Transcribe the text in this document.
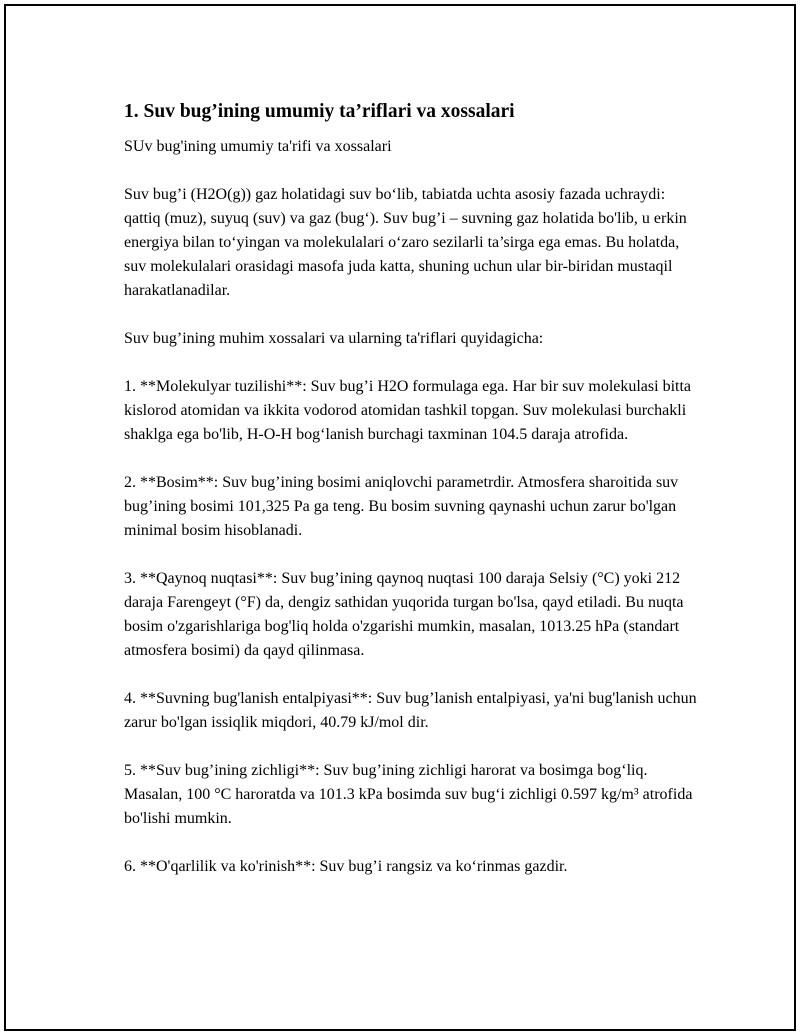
1. Suv bug’ining umumiy ta’riflari va xossalari

SUv bug'ining umumiy ta'rifi va xossalari

Suv bug’i (H2O(g)) gaz holatidagi suv bo‘lib, tabiatda uchta asosiy fazada uchraydi: qattiq (muz), suyuq (suv) va gaz (bug‘). Suv bug’i – suvning gaz holatida bo'lib, u erkin energiya bilan to‘yingan va molekulalari o‘zaro sezilarli ta’sirga ega emas. Bu holatda, suv molekulalari orasidagi masofa juda katta, shuning uchun ular bir-biridan mustaqil harakatlanadilar.

Suv bug’ining muhim xossalari va ularning ta'riflari quyidagicha:

1. **Molekulyar tuzilishi**: Suv bug’i H2O formulaga ega. Har bir suv molekulasi bitta kislorod atomidan va ikkita vodorod atomidan tashkil topgan. Suv molekulasi burchakli shaklga ega bo'lib, H-O-H bog‘lanish burchagi taxminan 104.5 daraja atrofida.

2. **Bosim**: Suv bug’ining bosimi aniqlovchi parametrdir. Atmosfera sharoitida suv bug’ining bosimi 101,325 Pa ga teng. Bu bosim suvning qaynashi uchun zarur bo'lgan minimal bosim hisoblanadi.

3. **Qaynoq nuqtasi**: Suv bug’ining qaynoq nuqtasi 100 daraja Selsiy (°C) yoki 212 daraja Farengeyt (°F) da, dengiz sathidan yuqorida turgan bo'lsa, qayd etiladi. Bu nuqta bosim o'zgarishlariga bog'liq holda o'zgarishi mumkin, masalan, 1013.25 hPa (standart atmosfera bosimi) da qayd qilinmasa.

4. **Suvning bug'lanish entalpiyasi**: Suv bug’lanish entalpiyasi, ya'ni bug'lanish uchun zarur bo'lgan issiqlik miqdori, 40.79 kJ/mol dir.

5. **Suv bug’ining zichligi**: Suv bug’ining zichligi harorat va bosimga bog‘liq. Masalan, 100 °C haroratda va 101.3 kPa bosimda suv bug‘i zichligi 0.597 kg/m³ atrofida bo'lishi mumkin.

6. **O'qarlilik va ko'rinish**: Suv bug’i rangsiz va ko‘rinmas gazdir.
